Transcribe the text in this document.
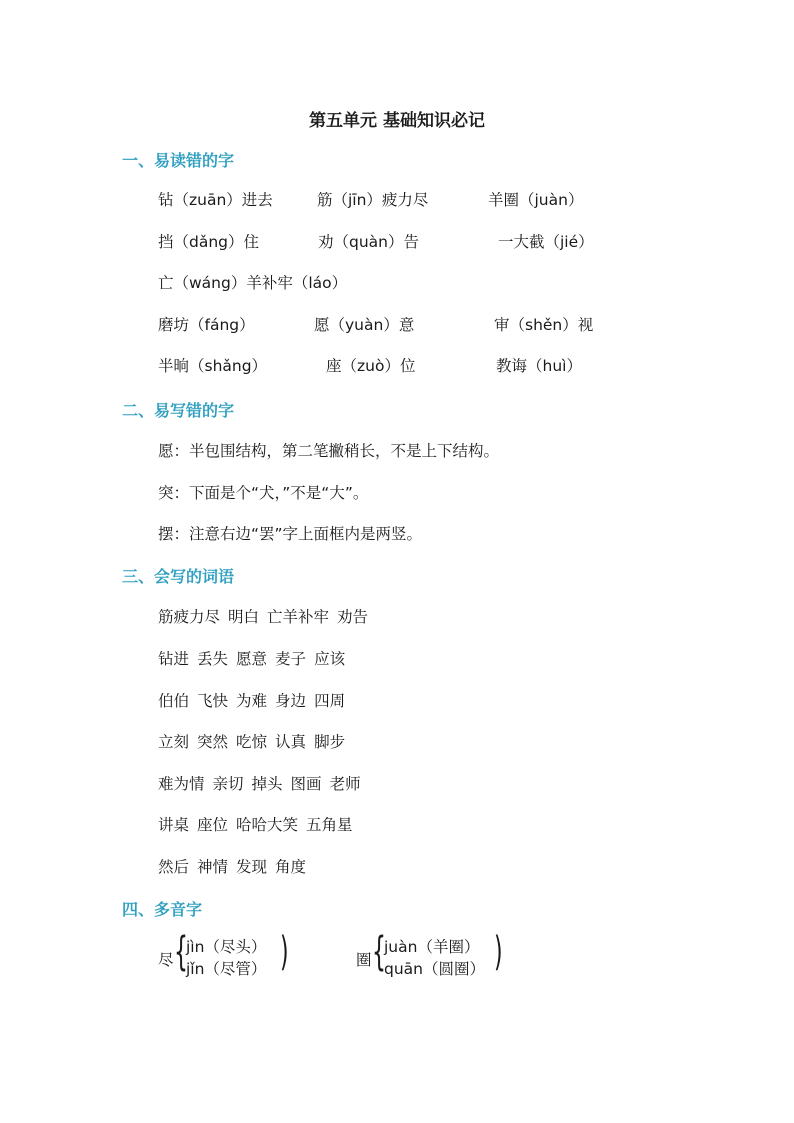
第五单元 基础知识必记
一、易读错的字
钻（zuān）进去	筋（jīn）疲力尽	羊圈（juàn）
挡（dǎng）住	劝（quàn）告	一大截（jié）
亡（wáng）羊补牢（láo）
磨坊（fáng）	愿（yuàn）意	审（shěn）视
半晌（shǎng）	座（zuò）位	教诲（huì）
二、易写错的字
愿：半包围结构，第二笔撇稍长，不是上下结构。
突：下面是个“犬，”不是“大”。
摆：注意右边“罢”字上面框内是两竖。
三、会写的词语
筋疲力尽 明白 亡羊补牢 劝告
钻进 丢失 愿意 麦子 应该
伯伯 飞快 为难 身边 四周
立刻 突然 吃惊 认真 脚步
难为情 亲切 掉头 图画 老师
讲桌 座位 哈哈大笑 五角星
然后 神情 发现 角度
四、多音字
尽 {
jìn（尽头）
jǐn（尽管） )	圈 {
juàn（羊圈）
quān（圆圈） )
